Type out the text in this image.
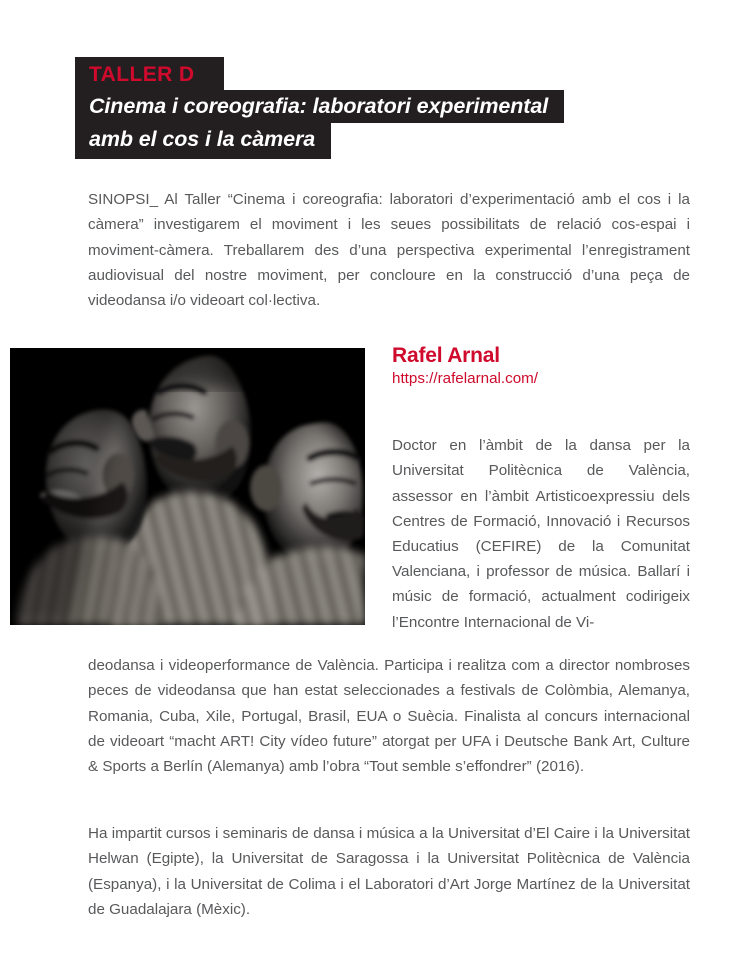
TALLER D
Cinema i coreografia: laboratori experimental
amb el cos i la càmera

SINOPSI_ Al Taller “Cinema i coreografia: laboratori d’experimentació amb el cos i la càmera” investigarem el moviment i les seues possibilitats de relació cos-espai i moviment-càmera. Treballarem des d’una perspectiva experimental l’enregistrament audiovisual del nostre moviment, per concloure en la construcció d’una peça de videodansa i/o videoart col·lectiva.

Rafel Arnal
https://rafelarnal.com/

Doctor en l’àmbit de la dansa per la Universitat Politècnica de València, assessor en l’àmbit Artisticoexpressiu dels Centres de Formació, Innovació i Recursos Educatius (CEFIRE) de la Comunitat Valenciana, i professor de música. Ballarí i músic de formació, actualment codirigeix l’Encontre Internacional de Vi-

deodansa i videoperformance de València. Participa i realitza com a director nombroses peces de videodansa que han estat seleccionades a festivals de Colòmbia, Alemanya, Romania, Cuba, Xile, Portugal, Brasil, EUA o Suècia. Finalista al concurs internacional de videoart “macht ART! City vídeo future” atorgat per UFA i Deutsche Bank Art, Culture & Sports a Berlín (Alemanya) amb l’obra “Tout semble s’effondrer” (2016).

Ha impartit cursos i seminaris de dansa i música a la Universitat d’El Caire i la Universitat Helwan (Egipte), la Universitat de Saragossa i la Universitat Politècnica de València (Espanya), i la Universitat de Colima i el Laboratori d’Art Jorge Martínez de la Universitat de Guadalajara (Mèxic).
